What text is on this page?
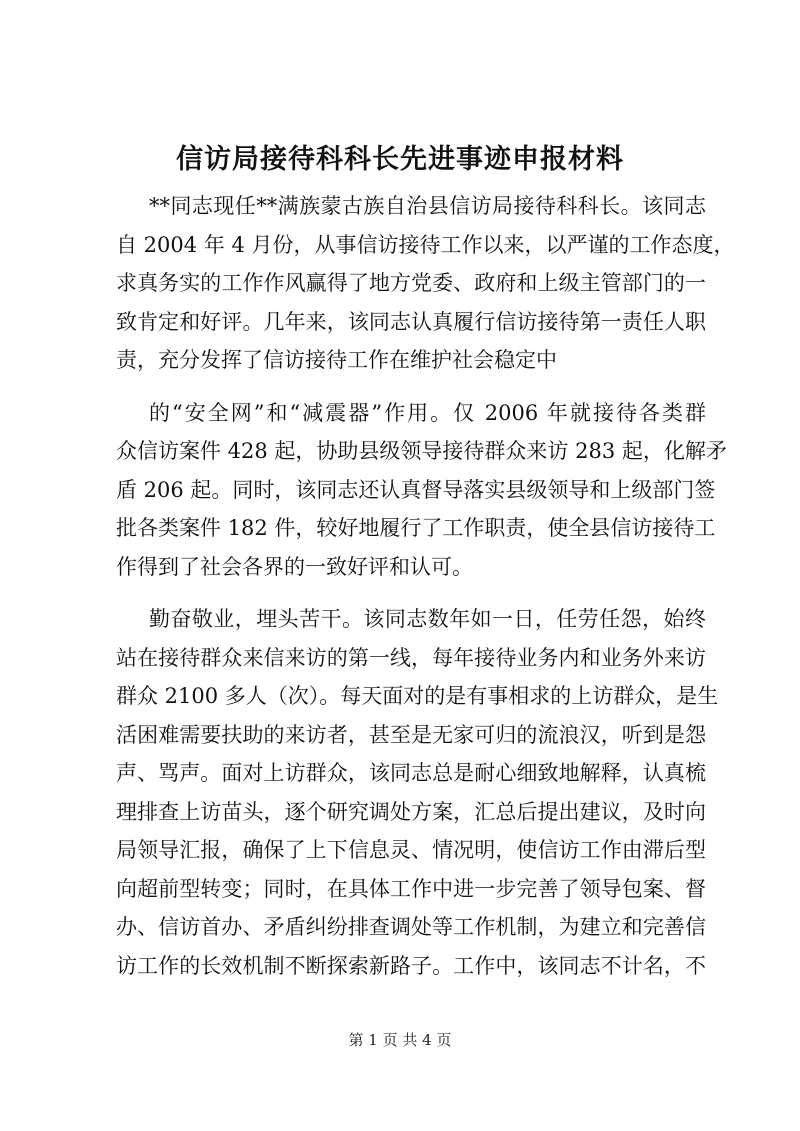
信访局接待科科长先进事迹申报材料
**同志现任**满族蒙古族自治县信访局接待科科长。该同志
自 2004 年 4 月份，从事信访接待工作以来，以严谨的工作态度，
求真务实的工作作风赢得了地方党委、政府和上级主管部门的一
致肯定和好评。几年来，该同志认真履行信访接待第一责任人职
责，充分发挥了信访接待工作在维护社会稳定中
的“安全网”和“减震器”作用。仅 2006 年就接待各类群
众信访案件 428 起，协助县级领导接待群众来访 283 起，化解矛
盾 206 起。同时，该同志还认真督导落实县级领导和上级部门签
批各类案件 182 件，较好地履行了工作职责，使全县信访接待工
作得到了社会各界的一致好评和认可。
勤奋敬业，埋头苦干。该同志数年如一日，任劳任怨，始终
站在接待群众来信来访的第一线，每年接待业务内和业务外来访
群众 2100 多人（次）。每天面对的是有事相求的上访群众，是生
活困难需要扶助的来访者，甚至是无家可归的流浪汉，听到是怨
声、骂声。面对上访群众，该同志总是耐心细致地解释，认真梳
理排查上访苗头，逐个研究调处方案，汇总后提出建议，及时向
局领导汇报，确保了上下信息灵、情况明，使信访工作由滞后型
向超前型转变；同时，在具体工作中进一步完善了领导包案、督
办、信访首办、矛盾纠纷排查调处等工作机制，为建立和完善信
访工作的长效机制不断探索新路子。工作中，该同志不计名，不
第 1 页 共 4 页
